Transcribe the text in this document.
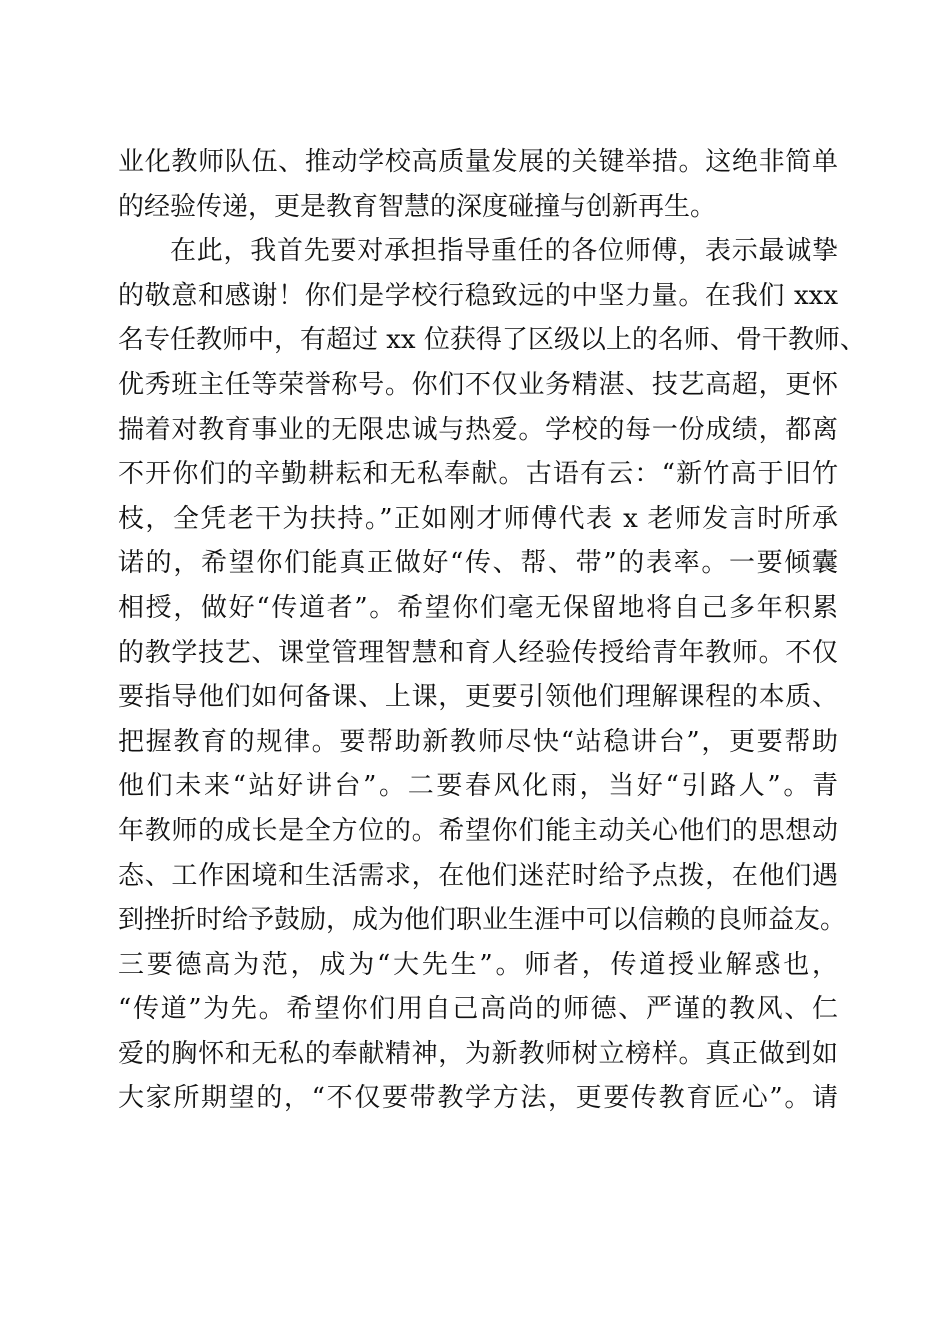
业化教师队伍、推动学校高质量发展的关键举措。这绝非简单
的经验传递，更是教育智慧的深度碰撞与创新再生。
在此，我首先要对承担指导重任的各位师傅，表示最诚挚
的敬意和感谢！你们是学校行稳致远的中坚力量。在我们 xxx
名专任教师中，有超过 xx 位获得了区级以上的名师、骨干教师、
优秀班主任等荣誉称号。你们不仅业务精湛、技艺高超，更怀
揣着对教育事业的无限忠诚与热爱。学校的每一份成绩，都离
不开你们的辛勤耕耘和无私奉献。古语有云：“新竹高于旧竹
枝，全凭老干为扶持。”正如刚才师傅代表 x 老师发言时所承
诺的，希望你们能真正做好“传、帮、带”的表率。一要倾囊
相授，做好“传道者”。希望你们毫无保留地将自己多年积累
的教学技艺、课堂管理智慧和育人经验传授给青年教师。不仅
要指导他们如何备课、上课，更要引领他们理解课程的本质、
把握教育的规律。要帮助新教师尽快“站稳讲台”，更要帮助
他们未来“站好讲台”。二要春风化雨，当好“引路人”。青
年教师的成长是全方位的。希望你们能主动关心他们的思想动
态、工作困境和生活需求，在他们迷茫时给予点拨，在他们遇
到挫折时给予鼓励，成为他们职业生涯中可以信赖的良师益友。
三要德高为范，成为“大先生”。师者，传道授业解惑也，
“传道”为先。希望你们用自己高尚的师德、严谨的教风、仁
爱的胸怀和无私的奉献精神，为新教师树立榜样。真正做到如
大家所期望的，“不仅要带教学方法，更要传教育匠心”。请
